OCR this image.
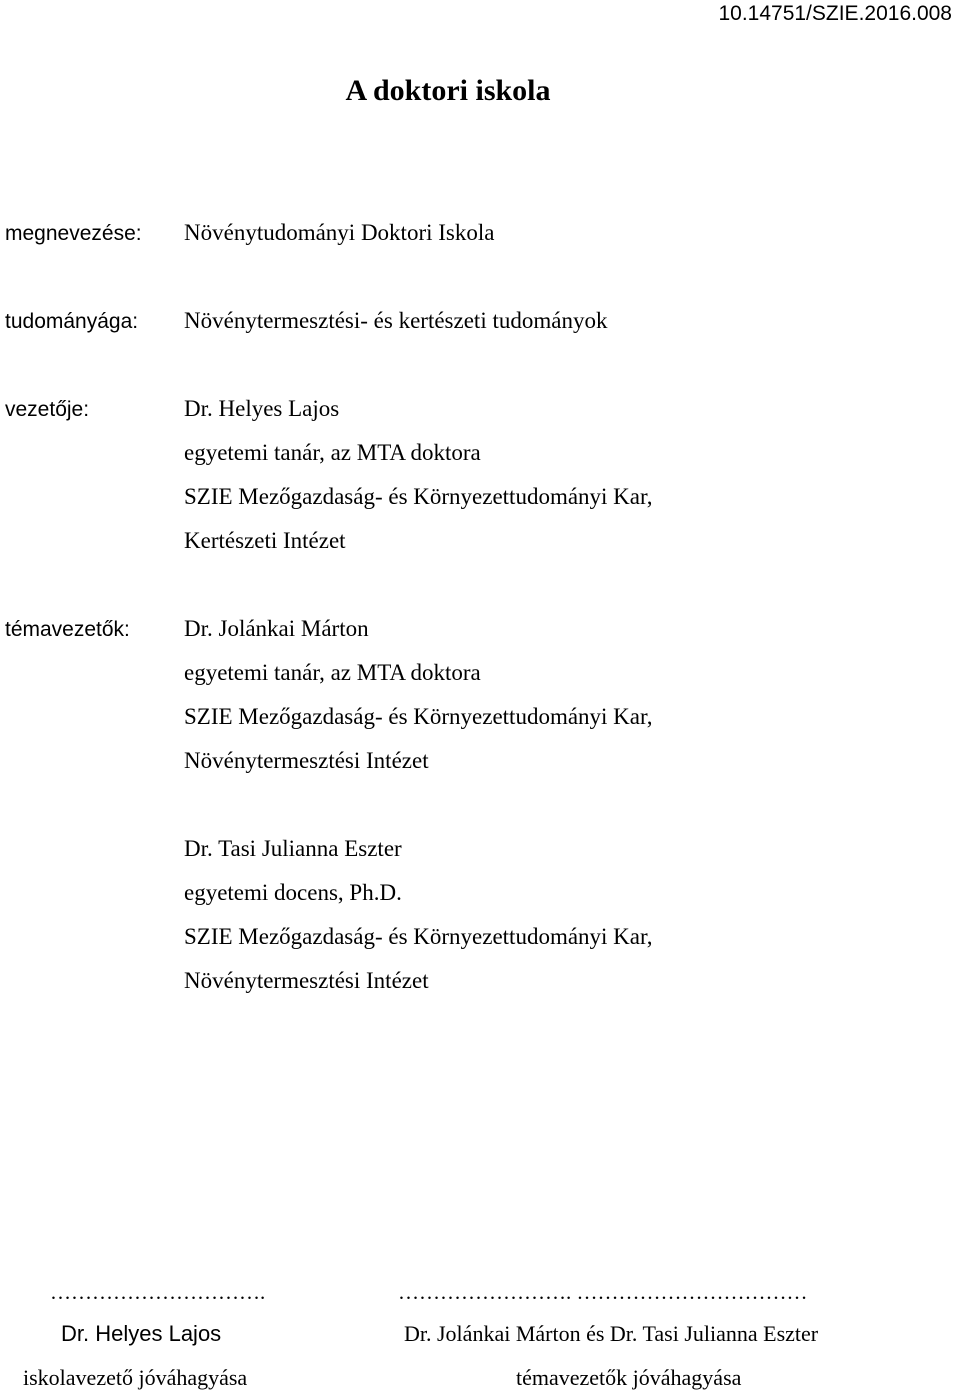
10.14751/SZIE.2016.008
A doktori iskola
megnevezése: Növénytudományi Doktori Iskola
tudományága: Növénytermesztési- és kertészeti tudományok
vezetője:	Dr. Helyes Lajos
egyetemi tanár, az MTA doktora
SZIE Mezőgazdaság- és Környezettudományi Kar,
Kertészeti Intézet
témavezetők: Dr. Jolánkai Márton
egyetemi tanár, az MTA doktora
SZIE Mezőgazdaság- és Környezettudományi Kar,
Növénytermesztési Intézet
Dr. Tasi Julianna Eszter
egyetemi docens, Ph.D.
SZIE Mezőgazdaság- és Környezettudományi Kar,
Növénytermesztési Intézet
………………………….
Dr. Helyes Lajos
iskolavezető jóváhagyása
……………………. ……………………………
Dr. Jolánkai Márton és Dr. Tasi Julianna Eszter
témavezetők jóváhagyása
